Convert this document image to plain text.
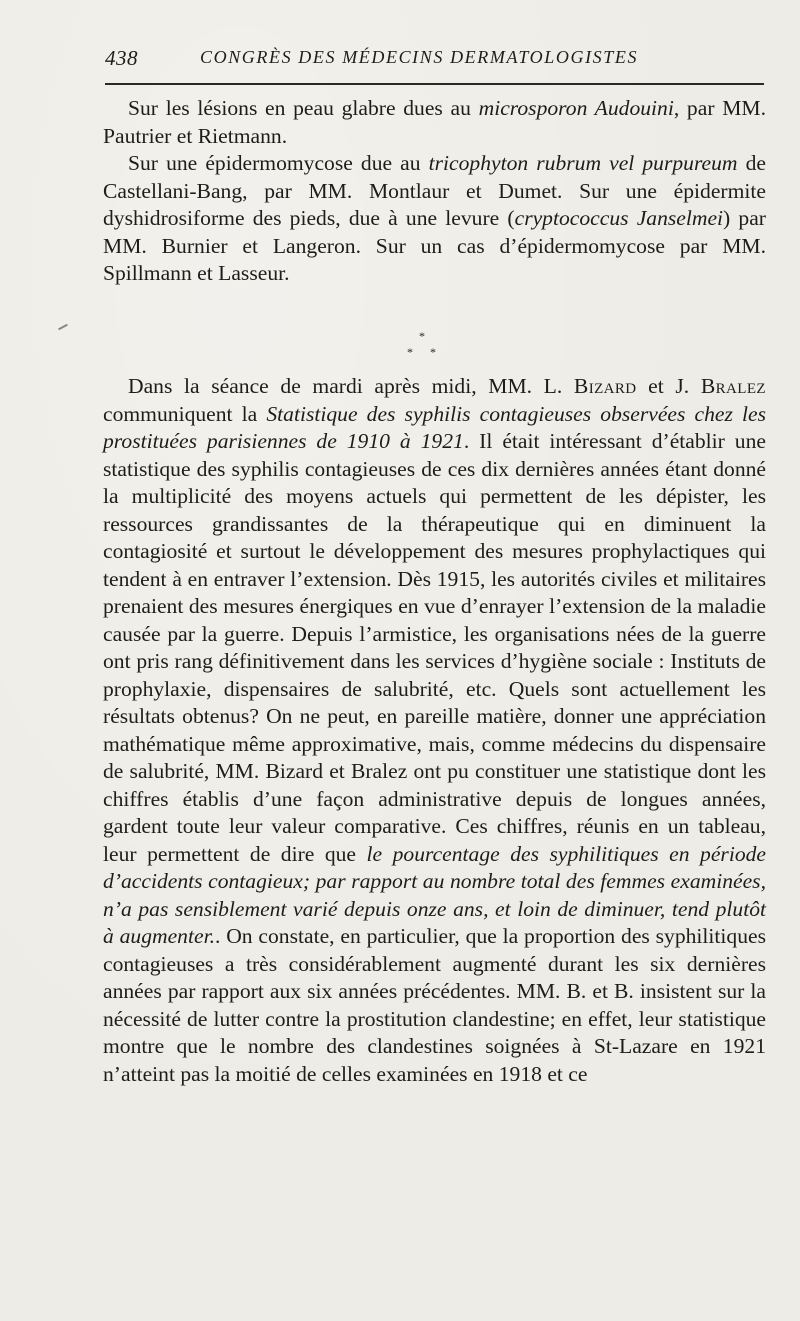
438	CONGRÈS DES MÉDECINS DERMATOLOGISTES

Sur les lésions en peau glabre dues au microsporon Audouini, par MM. Pautrier et Rietmann.

Sur une épidermomycose due au tricophyton rubrum vel purpureum de Castellani-Bang, par MM. Montlaur et Dumet. Sur une épidermite dyshidrosiforme des pieds, due à une levure (cryptococcus Janselmei) par MM. Burnier et Langeron. Sur un cas d’épidermomycose par MM. Spillmann et Lasseur.

*
* *

Dans la séance de mardi après midi, MM. L. Bizard et J. Bralez communiquent la Statistique des syphilis contagieuses observées chez les prostituées parisiennes de 1910 à 1921. Il était intéressant d’établir une statistique des syphilis contagieuses de ces dix dernières années étant donné la multiplicité des moyens actuels qui permettent de les dépister, les ressources grandissantes de la thérapeutique qui en diminuent la contagiosité et surtout le développement des mesures prophylactiques qui tendent à en entraver l’extension. Dès 1915, les autorités civiles et militaires prenaient des mesures énergiques en vue d’enrayer l’extension de la maladie causée par la guerre. Depuis l’armistice, les organisations nées de la guerre ont pris rang définitivement dans les services d’hygiène sociale : Instituts de prophylaxie, dispensaires de salubrité, etc. Quels sont actuellement les résultats obtenus? On ne peut, en pareille matière, donner une appréciation mathématique même approximative, mais, comme médecins du dispensaire de salubrité, MM. Bizard et Bralez ont pu constituer une statistique dont les chiffres établis d’une façon administrative depuis de longues années, gardent toute leur valeur comparative. Ces chiffres, réunis en un tableau, leur permettent de dire que le pourcentage des syphilitiques en période d’accidents contagieux; par rapport au nombre total des femmes examinées, n’a pas sensiblement varié depuis onze ans, et loin de diminuer, tend plutôt à augmenter.. On constate, en particulier, que la proportion des syphilitiques contagieuses a très considérablement augmenté durant les six dernières années par rapport aux six années précédentes. MM. B. et B. insistent sur la nécessité de lutter contre la prostitution clandestine; en effet, leur statistique montre que le nombre des clandestines soignées à St-Lazare en 1921 n’atteint pas la moitié de celles examinées en 1918 et ce
